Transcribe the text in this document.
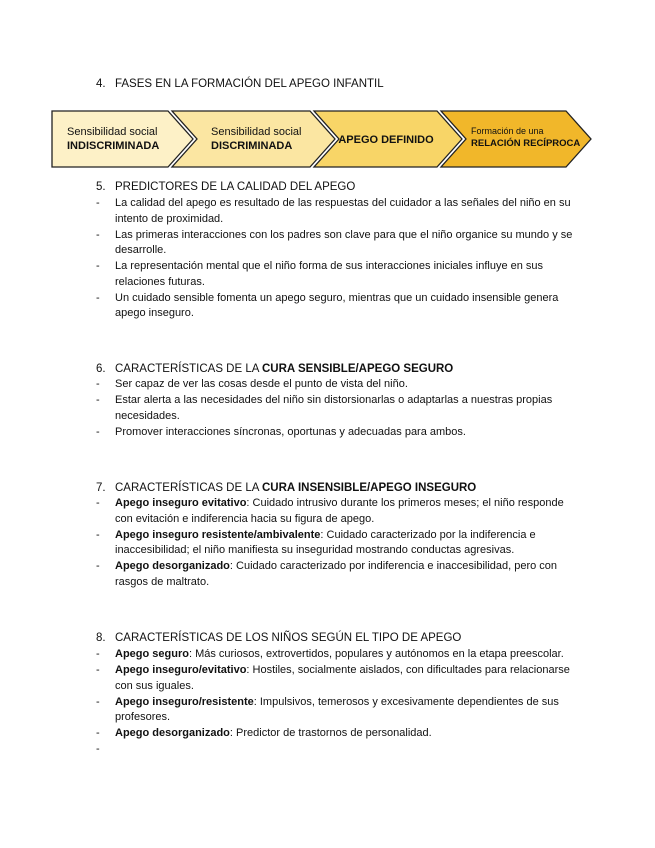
4. FASES EN LA FORMACIÓN DEL APEGO INFANTIL
Sensibilidad social
INDISCRIMINADA
Sensibilidad social
DISCRIMINADA	APEGO DEFINIDO
Formación de una
RELACIÓN RECÍPROCA
5. PREDICTORES DE LA CALIDAD DEL APEGO
- La calidad del apego es resultado de las respuestas del cuidador a las señales del niño en su intento de proximidad.
- Las primeras interacciones con los padres son clave para que el niño organice su mundo y se desarrolle.
- La representación mental que el niño forma de sus interacciones iniciales influye en sus relaciones futuras.
- Un cuidado sensible fomenta un apego seguro, mientras que un cuidado insensible genera apego inseguro.
6. CARACTERÍSTICAS DE LA CURA SENSIBLE/APEGO SEGURO
- Ser capaz de ver las cosas desde el punto de vista del niño.
- Estar alerta a las necesidades del niño sin distorsionarlas o adaptarlas a nuestras propias necesidades.
- Promover interacciones síncronas, oportunas y adecuadas para ambos.
7. CARACTERÍSTICAS DE LA CURA INSENSIBLE/APEGO INSEGURO
- Apego inseguro evitativo: Cuidado intrusivo durante los primeros meses; el niño responde con evitación e indiferencia hacia su figura de apego.
- Apego inseguro resistente/ambivalente: Cuidado caracterizado por la indiferencia e inaccesibilidad; el niño manifiesta su inseguridad mostrando conductas agresivas.
- Apego desorganizado: Cuidado caracterizado por indiferencia e inaccesibilidad, pero con rasgos de maltrato.
8. CARACTERÍSTICAS DE LOS NIÑOS SEGÚN EL TIPO DE APEGO
- Apego seguro: Más curiosos, extrovertidos, populares y autónomos en la etapa preescolar.
- Apego inseguro/evitativo: Hostiles, socialmente aislados, con dificultades para relacionarse con sus iguales.
- Apego inseguro/resistente: Impulsivos, temerosos y excesivamente dependientes de sus profesores.
- Apego desorganizado: Predictor de trastornos de personalidad.
-
